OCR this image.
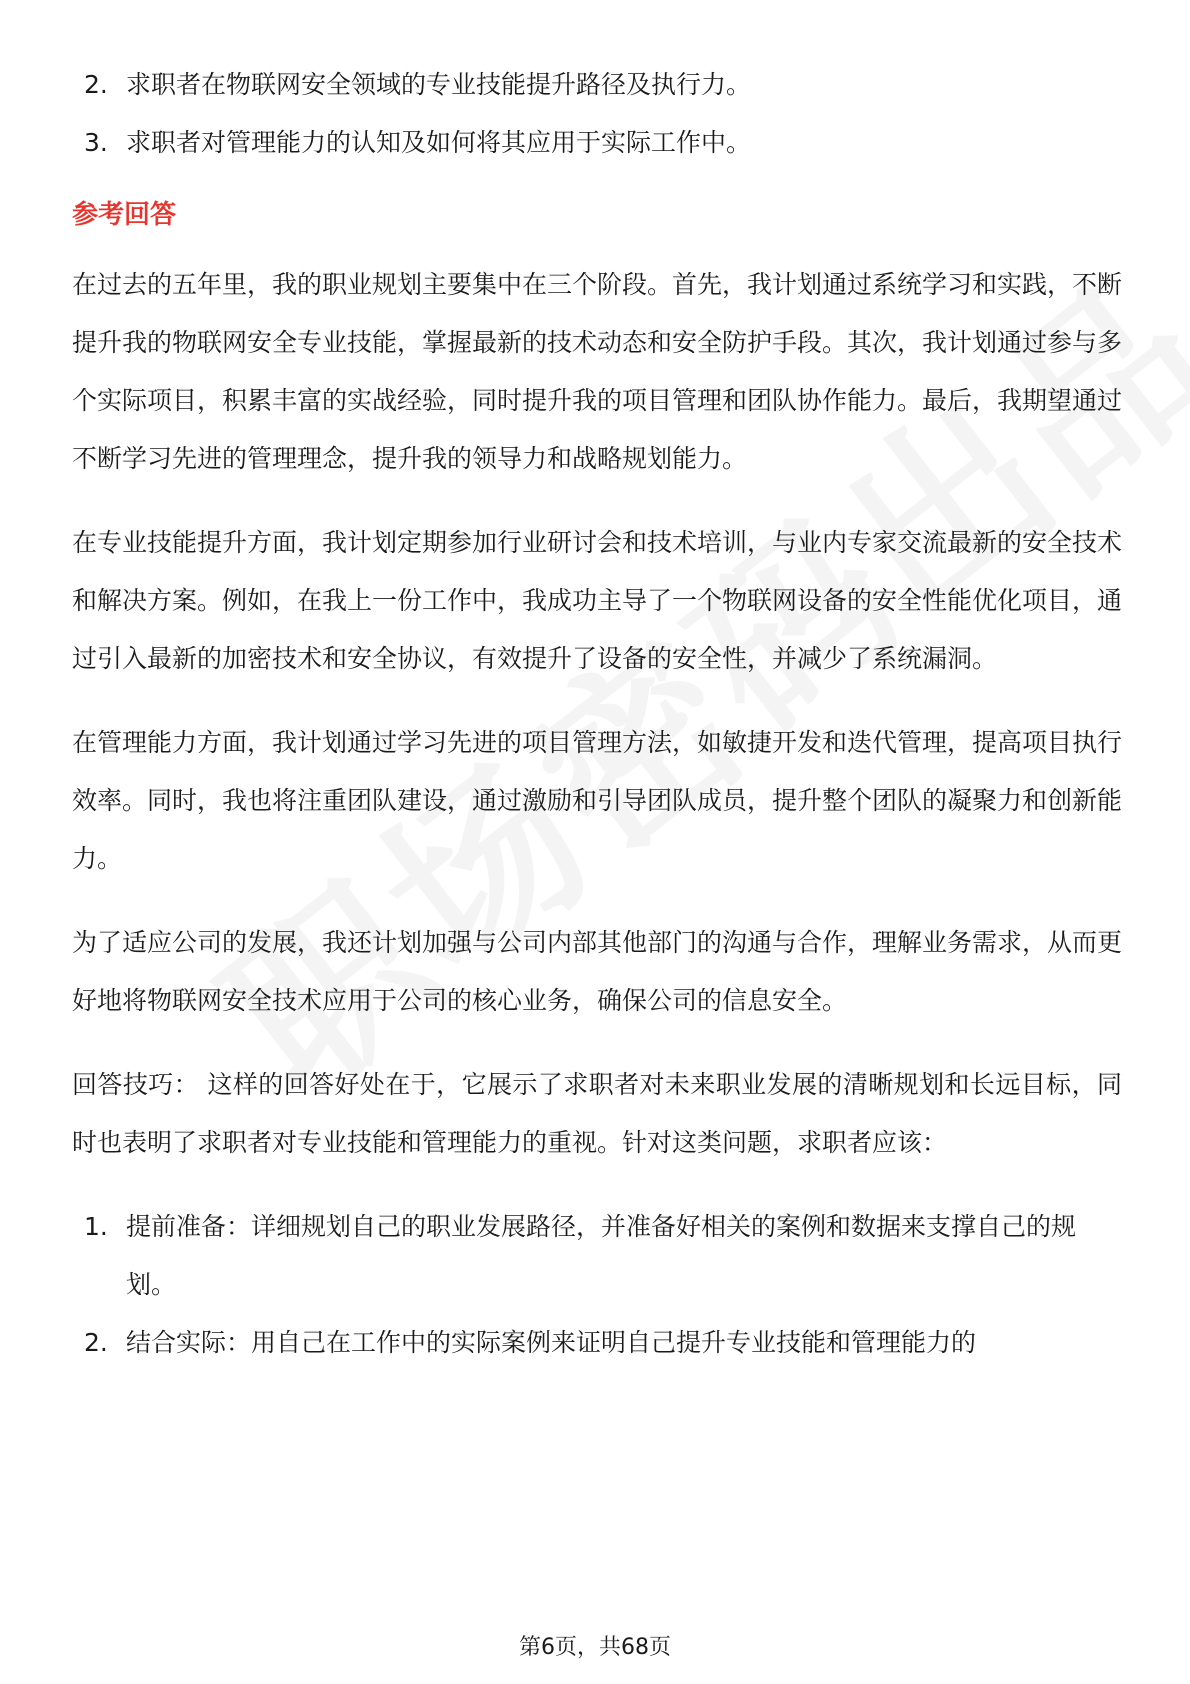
2. 求职者在物联网安全领域的专业技能提升路径及执行力。
3. 求职者对管理能力的认知及如何将其应用于实际工作中。
参考回答

在过去的五年里，我的职业规划主要集中在三个阶段。首先，我计划通过系统学习和实践，不断提升我的物联网安全专业技能，掌握最新的技术动态和安全防护手段。其次，我计划通过参与多个实际项目，积累丰富的实战经验，同时提升我的项目管理和团队协作能力。最后，我期望通过不断学习先进的管理理念，提升我的领导力和战略规划能力。

在专业技能提升方面，我计划定期参加行业研讨会和技术培训，与业内专家交流最新的安全技术和解决方案。例如，在我上一份工作中，我成功主导了一个物联网设备的安全性能优化项目，通过引入最新的加密技术和安全协议，有效提升了设备的安全性，并减少了系统漏洞。

在管理能力方面，我计划通过学习先进的项目管理方法，如敏捷开发和迭代管理，提高项目执行效率。同时，我也将注重团队建设，通过激励和引导团队成员，提升整个团队的凝聚力和创新能力。

为了适应公司的发展，我还计划加强与公司内部其他部门的沟通与合作，理解业务需求，从而更好地将物联网安全技术应用于公司的核心业务，确保公司的信息安全。

回答技巧： 这样的回答好处在于，它展示了求职者对未来职业发展的清晰规划和长远目标，同时也表明了求职者对专业技能和管理能力的重视。针对这类问题，求职者应该：

1. 提前准备：详细规划自己的职业发展路径，并准备好相关的案例和数据来支撑自己的规划。
2. 结合实际：用自己在工作中的实际案例来证明自己提升专业技能和管理能力的
第6页，共68页
